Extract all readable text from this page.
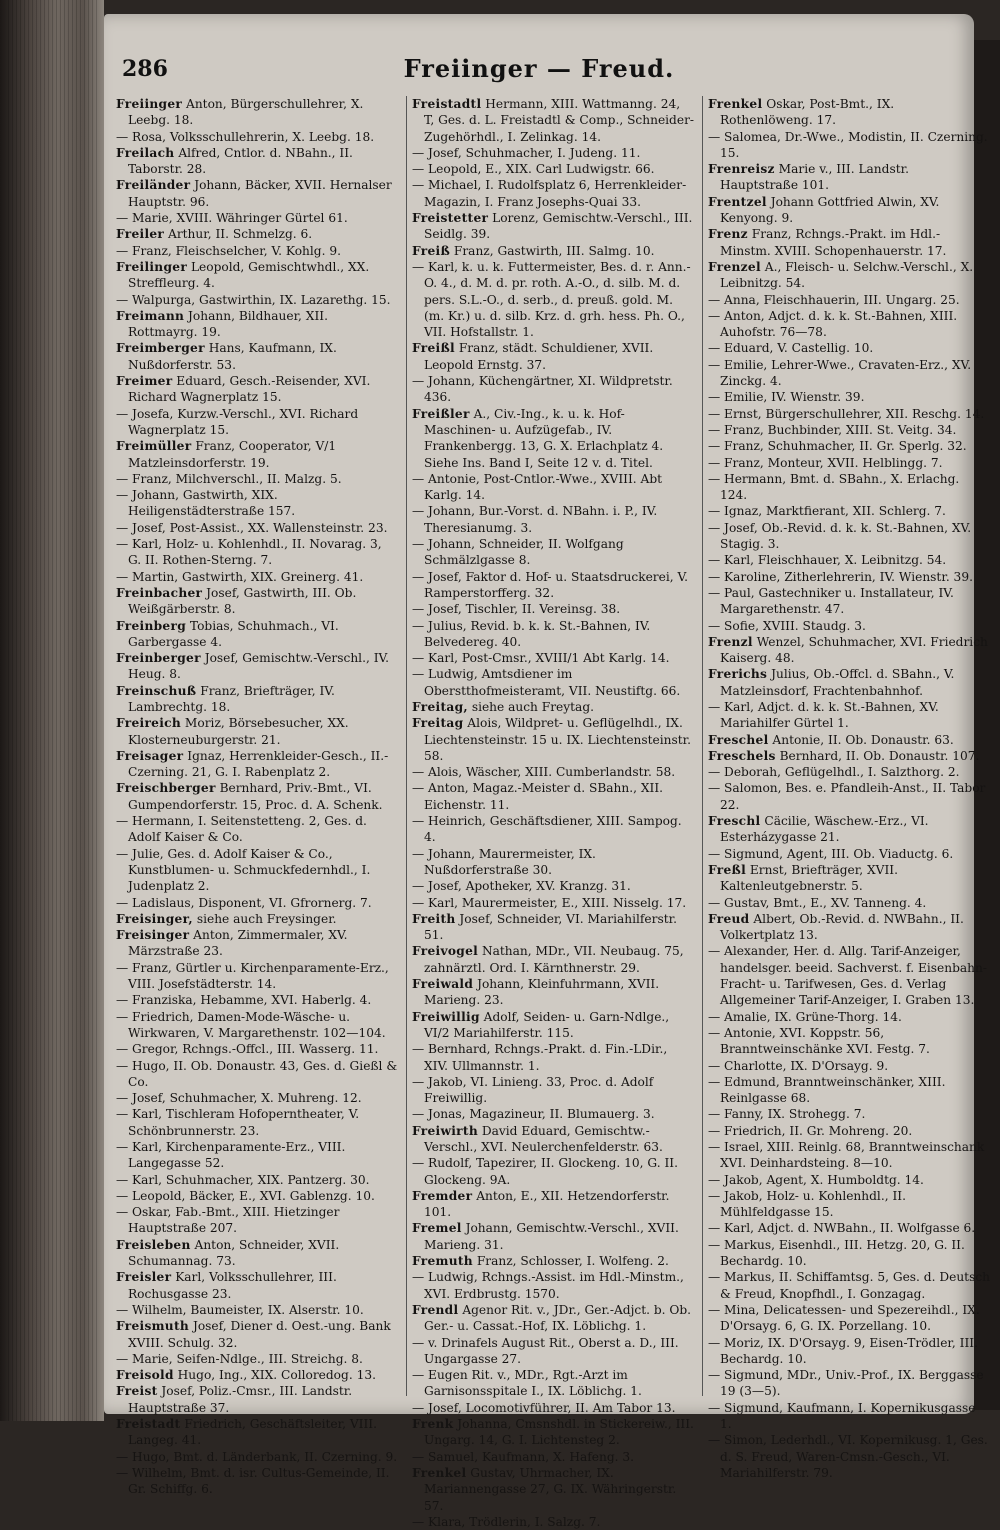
286	Freiinger — Freud.

Freiinger Anton, Bürgerschullehrer, X. Leebg. 18.

— Rosa, Volksschullehrerin, X. Leebg. 18.

Freilach Alfred, Cntlor. d. NBahn., II. Taborstr. 28.

Freiländer Johann, Bäcker, XVII. Hernalser Hauptstr. 96.

— Marie, XVIII. Währinger Gürtel 61.

Freiler Arthur, II. Schmelzg. 6.

— Franz, Fleischselcher, V. Kohlg. 9.

Freilinger Leopold, Gemischtwhdl., XX. Streffleurg. 4.

— Walpurga, Gastwirthin, IX. Lazarethg. 15.

Freimann Johann, Bildhauer, XII. Rottmayrg. 19.

Freimberger Hans, Kaufmann, IX. Nußdorferstr. 53.

Freimer Eduard, Gesch.-Reisender, XVI. Richard Wagnerplatz 15.

— Josefa, Kurzw.-Verschl., XVI. Richard Wagnerplatz 15.

Freimüller Franz, Cooperator, V/1 Matzleinsdorferstr. 19.

— Franz, Milchverschl., II. Malzg. 5.

— Johann, Gastwirth, XIX. Heiligenstädterstraße 157.

— Josef, Post-Assist., XX. Wallensteinstr. 23.

— Karl, Holz- u. Kohlenhdl., II. Novarag. 3, G. II. Rothen-Sterng. 7.

— Martin, Gastwirth, XIX. Greinerg. 41.

Freinbacher Josef, Gastwirth, III. Ob. Weißgärberstr. 8.

Freinberg Tobias, Schuhmach., VI. Garbergasse 4.

Freinberger Josef, Gemischtw.-Verschl., IV. Heug. 8.

Freinschuß Franz, Briefträger, IV. Lambrechtg. 18.

Freireich Moriz, Börsebesucher, XX. Klosterneuburgerstr. 21.

Freisager Ignaz, Herrenkleider-Gesch., II.-Czerning. 21, G. I. Rabenplatz 2.

Freischberger Bernhard, Priv.-Bmt., VI. Gumpendorferstr. 15, Proc. d. A. Schenk.

— Hermann, I. Seitenstetteng. 2, Ges. d. Adolf Kaiser & Co.

— Julie, Ges. d. Adolf Kaiser & Co., Kunstblumen- u. Schmuckfedernhdl., I. Judenplatz 2.

— Ladislaus, Disponent, VI. Gfrornerg. 7.

Freisinger, siehe auch Freysinger.

Freisinger Anton, Zimmermaler, XV. Märzstraße 23.

— Franz, Gürtler u. Kirchenparamente-Erz., VIII. Josefstädterstr. 14.

— Franziska, Hebamme, XVI. Haberlg. 4.

— Friedrich, Damen-Mode-Wäsche- u. Wirkwaren, V. Margarethenstr. 102—104.

— Gregor, Rchngs.-Offcl., III. Wasserg. 11.

— Hugo, II. Ob. Donaustr. 43, Ges. d. Gießl & Co.

— Josef, Schuhmacher, X. Muhreng. 12.

— Karl, Tischleram Hofoperntheater, V. Schönbrunnerstr. 23.

— Karl, Kirchenparamente-Erz., VIII. Langegasse 52.

— Karl, Schuhmacher, XIX. Pantzerg. 30.

— Leopold, Bäcker, E., XVI. Gablenzg. 10.

— Oskar, Fab.-Bmt., XIII. Hietzinger Hauptstraße 207.

Freisleben Anton, Schneider, XVII. Schumannag. 73.

Freisler Karl, Volksschullehrer, III. Rochusgasse 23.

— Wilhelm, Baumeister, IX. Alserstr. 10.

Freismuth Josef, Diener d. Oest.-ung. Bank XVIII. Schulg. 32.

— Marie, Seifen-Ndlge., III. Streichg. 8.

Freisold Hugo, Ing., XIX. Colloredog. 13.

Freist Josef, Poliz.-Cmsr., III. Landstr. Hauptstraße 37.

Freistadt Friedrich, Geschäftsleiter, VIII. Langeg. 41.

— Hugo, Bmt. d. Länderbank, II. Czerning. 9.

— Wilhelm, Bmt. d. isr. Cultus-Gemeinde, II. Gr. Schiffg. 6.

Freistadtl Hermann, XIII. Wattmanng. 24, T, Ges. d. L. Freistadtl & Comp., Schneider-Zugehörhdl., I. Zelinkag. 14.

— Josef, Schuhmacher, I. Judeng. 11.

— Leopold, E., XIX. Carl Ludwigstr. 66.

— Michael, I. Rudolfsplatz 6, Herrenkleider-Magazin, I. Franz Josephs-Quai 33.

Freistetter Lorenz, Gemischtw.-Verschl., III. Seidlg. 39.

Freiß Franz, Gastwirth, III. Salmg. 10.

— Karl, k. u. k. Futtermeister, Bes. d. r. Ann.-O. 4., d. M. d. pr. roth. A.-O., d. silb. M. d. pers. S.L.-O., d. serb., d. preuß. gold. M. (m. Kr.) u. d. silb. Krz. d. grh. hess. Ph. O., VII. Hofstallstr. 1.

Freißl Franz, städt. Schuldiener, XVII. Leopold Ernstg. 37.

— Johann, Küchengärtner, XI. Wildpretstr. 436.

Freißler A., Civ.-Ing., k. u. k. Hof-Maschinen- u. Aufzügefab., IV. Frankenbergg. 13, G. X. Erlachplatz 4. Siehe Ins. Band I, Seite 12 v. d. Titel.

— Antonie, Post-Cntlor.-Wwe., XVIII. Abt Karlg. 14.

— Johann, Bur.-Vorst. d. NBahn. i. P., IV. Theresianumg. 3.

— Johann, Schneider, II. Wolfgang Schmälzlgasse 8.

— Josef, Faktor d. Hof- u. Staatsdruckerei, V. Ramperstorfferg. 32.

— Josef, Tischler, II. Vereinsg. 38.

— Julius, Revid. b. k. k. St.-Bahnen, IV. Belvedereg. 40.

— Karl, Post-Cmsr., XVIII/1 Abt Karlg. 14.

— Ludwig, Amtsdiener im Oberstthofmeisteramt, VII. Neustiftg. 66.

Freitag, siehe auch Freytag.

Freitag Alois, Wildpret- u. Geflügelhdl., IX. Liechtensteinstr. 15 u. IX. Liechtensteinstr. 58.

— Alois, Wäscher, XIII. Cumberlandstr. 58.

— Anton, Magaz.-Meister d. SBahn., XII. Eichenstr. 11.

— Heinrich, Geschäftsdiener, XIII. Sampog. 4.

— Johann, Maurermeister, IX. Nußdorferstraße 30.

— Josef, Apotheker, XV. Kranzg. 31.

— Karl, Maurermeister, E., XIII. Nisselg. 17.

Freith Josef, Schneider, VI. Mariahilferstr. 51.

Freivogel Nathan, MDr., VII. Neubaug. 75, zahnärztl. Ord. I. Kärnthnerstr. 29.

Freiwald Johann, Kleinfuhrmann, XVII. Marieng. 23.

Freiwillig Adolf, Seiden- u. Garn-Ndlge., VI/2 Mariahilferstr. 115.

— Bernhard, Rchngs.-Prakt. d. Fin.-LDir., XIV. Ullmannstr. 1.

— Jakob, VI. Linieng. 33, Proc. d. Adolf Freiwillig.

— Jonas, Magazineur, II. Blumauerg. 3.

Freiwirth David Eduard, Gemischtw.-Verschl., XVI. Neulerchenfelderstr. 63.

— Rudolf, Tapezirer, II. Glockeng. 10, G. II. Glockeng. 9A.

Fremder Anton, E., XII. Hetzendorferstr. 101.

Fremel Johann, Gemischtw.-Verschl., XVII. Marieng. 31.

Fremuth Franz, Schlosser, I. Wolfeng. 2.

— Ludwig, Rchngs.-Assist. im Hdl.-Minstm., XVI. Erdbrustg. 1570.

Frendl Agenor Rit. v., JDr., Ger.-Adjct. b. Ob. Ger.- u. Cassat.-Hof, IX. Löblichg. 1.

— v. Drinafels August Rit., Oberst a. D., III. Ungargasse 27.

— Eugen Rit. v., MDr., Rgt.-Arzt im Garnisonsspitale I., IX. Löblichg. 1.

— Josef, Locomotivführer, II. Am Tabor 13.

Frenk Johanna, Cmsnshdl. in Stickereiw., III. Ungarg. 14, G. I. Lichtensteg 2.

— Samuel, Kaufmann, X. Hafeng. 3.

Frenkel Gustav, Uhrmacher, IX. Mariannengasse 27, G. IX. Währingerstr. 57.

— Klara, Trödlerin, I. Salzg. 7.

Frenkel Oskar, Post-Bmt., IX. Rothenlöweng. 17.

— Salomea, Dr.-Wwe., Modistin, II. Czerning. 15.

Frenreisz Marie v., III. Landstr. Hauptstraße 101.

Frentzel Johann Gottfried Alwin, XV. Kenyong. 9.

Frenz Franz, Rchngs.-Prakt. im Hdl.-Minstm. XVIII. Schopenhauerstr. 17.

Frenzel A., Fleisch- u. Selchw.-Verschl., X. Leibnitzg. 54.

— Anna, Fleischhauerin, III. Ungarg. 25.

— Anton, Adjct. d. k. k. St.-Bahnen, XIII. Auhofstr. 76—78.

— Eduard, V. Castellig. 10.

— Emilie, Lehrer-Wwe., Cravaten-Erz., XV. Zinckg. 4.

— Emilie, IV. Wienstr. 39.

— Ernst, Bürgerschullehrer, XII. Reschg. 14.

— Franz, Buchbinder, XIII. St. Veitg. 34.

— Franz, Schuhmacher, II. Gr. Sperlg. 32.

— Franz, Monteur, XVII. Helblingg. 7.

— Hermann, Bmt. d. SBahn., X. Erlachg. 124.

— Ignaz, Marktfierant, XII. Schlerg. 7.

— Josef, Ob.-Revid. d. k. k. St.-Bahnen, XV. Stagig. 3.

— Karl, Fleischhauer, X. Leibnitzg. 54.

— Karoline, Zitherlehrerin, IV. Wienstr. 39.

— Paul, Gastechniker u. Installateur, IV. Margarethenstr. 47.

— Sofie, XVIII. Staudg. 3.

Frenzl Wenzel, Schuhmacher, XVI. Friedrich Kaiserg. 48.

Frerichs Julius, Ob.-Offcl. d. SBahn., V. Matzleinsdorf, Frachtenbahnhof.

— Karl, Adjct. d. k. k. St.-Bahnen, XV. Mariahilfer Gürtel 1.

Freschel Antonie, II. Ob. Donaustr. 63.

Freschels Bernhard, II. Ob. Donaustr. 107.

— Deborah, Geflügelhdl., I. Salzthorg. 2.

— Salomon, Bes. e. Pfandleih-Anst., II. Tabor 22.

Freschl Cäcilie, Wäschew.-Erz., VI. Esterházygasse 21.

— Sigmund, Agent, III. Ob. Viaductg. 6.

Freßl Ernst, Briefträger, XVII. Kaltenleutgebnerstr. 5.

— Gustav, Bmt., E., XV. Tanneng. 4.

Freud Albert, Ob.-Revid. d. NWBahn., II. Volkertplatz 13.

— Alexander, Her. d. Allg. Tarif-Anzeiger, handelsger. beeid. Sachverst. f. Eisenbahn-Fracht- u. Tarifwesen, Ges. d. Verlag Allgemeiner Tarif-Anzeiger, I. Graben 13.

— Amalie, IX. Grüne-Thorg. 14.

— Antonie, XVI. Koppstr. 56, Branntweinschänke XVI. Festg. 7.

— Charlotte, IX. D'Orsayg. 9.

— Edmund, Branntweinschänker, XIII. Reinlgasse 68.

— Fanny, IX. Strohegg. 7.

— Friedrich, II. Gr. Mohreng. 20.

— Israel, XIII. Reinlg. 68, Branntweinschank XVI. Deinhardsteing. 8—10.

— Jakob, Agent, X. Humboldtg. 14.

— Jakob, Holz- u. Kohlenhdl., II. Mühlfeldgasse 15.

— Karl, Adjct. d. NWBahn., II. Wolfgasse 6.

— Markus, Eisenhdl., III. Hetzg. 20, G. II. Bechardg. 10.

— Markus, II. Schiffamtsg. 5, Ges. d. Deutsch & Freud, Knopfhdl., I. Gonzagag.

— Mina, Delicatessen- und Spezereihdl., IX. D'Orsayg. 6, G. IX. Porzellang. 10.

— Moriz, IX. D'Orsayg. 9, Eisen-Trödler, III. Bechardg. 10.

— Sigmund, MDr., Univ.-Prof., IX. Berggasse 19 (3—5).

— Sigmund, Kaufmann, I. Kopernikusgasse 1.

— Simon, Lederhdl., VI. Kopernikusg. 1, Ges. d. S. Freud, Waren-Cmsn.-Gesch., VI. Mariahilferstr. 79.
